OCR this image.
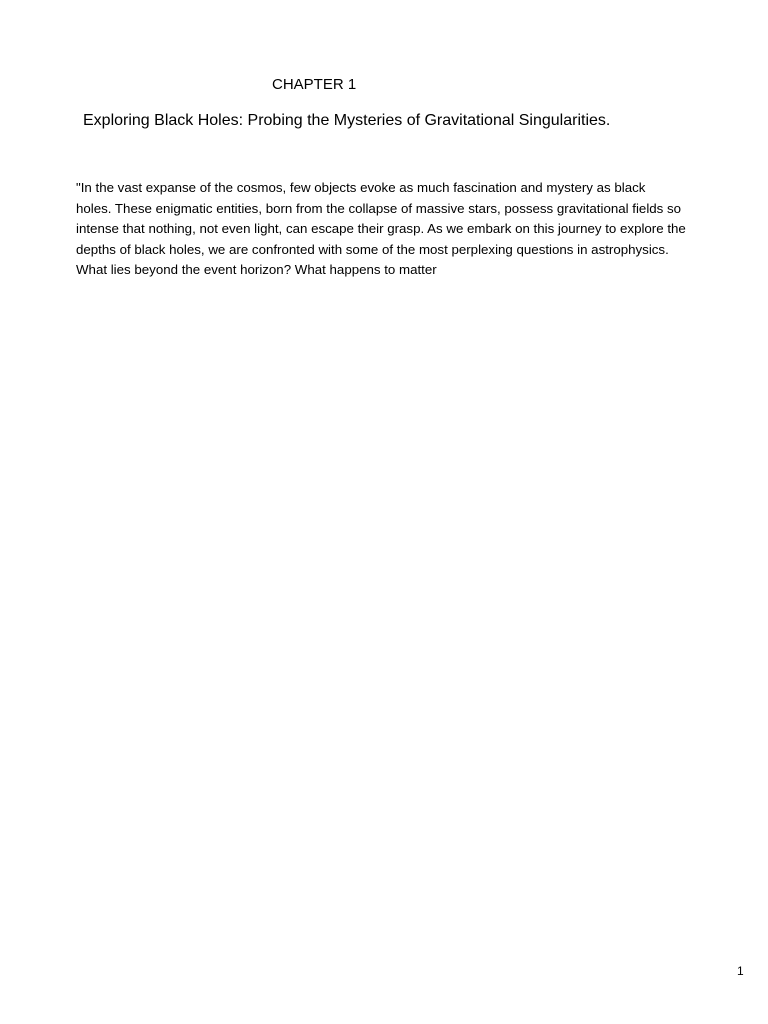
CHAPTER 1
Exploring Black Holes: Probing the Mysteries of Gravitational Singularities.
"In the vast expanse of the cosmos, few objects evoke as much fascination and mystery as black
holes. These enigmatic entities, born from the collapse of massive stars, possess gravitational fields so
intense that nothing, not even light, can escape their grasp. As we embark on this journey to explore the
depths of black holes, we are confronted with some of the most perplexing questions in astrophysics.
What lies beyond the event horizon? What happens to matter
1
